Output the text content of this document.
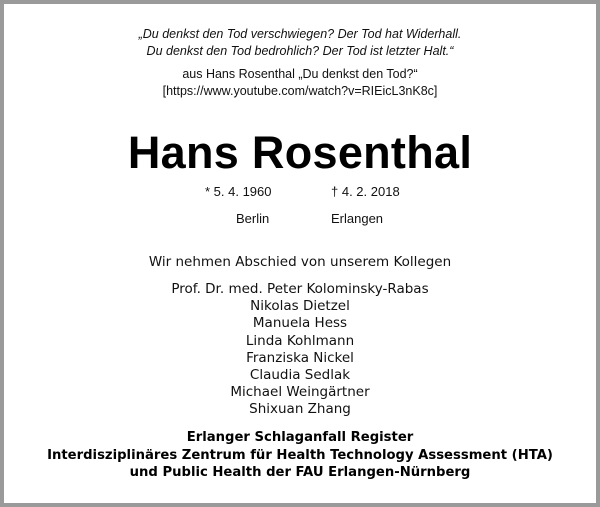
„Du denkst den Tod verschwiegen? Der Tod hat Widerhall.
Du denkst den Tod bedrohlich? Der Tod ist letzter Halt.“
aus Hans Rosenthal „Du denkst den Tod?“
[https://www.youtube.com/watch?v=RIEicL3nK8c]
Hans Rosenthal
* 5. 4. 1960	† 4. 2. 2018
Berlin	Erlangen
Wir nehmen Abschied von unserem Kollegen
Prof. Dr. med. Peter Kolominsky-Rabas
Nikolas Dietzel
Manuela Hess
Linda Kohlmann
Franziska Nickel
Claudia Sedlak
Michael Weingärtner
Shixuan Zhang
Erlanger Schlaganfall Register
Interdisziplinäres Zentrum für Health Technology Assessment (HTA)
und Public Health der FAU Erlangen-Nürnberg
